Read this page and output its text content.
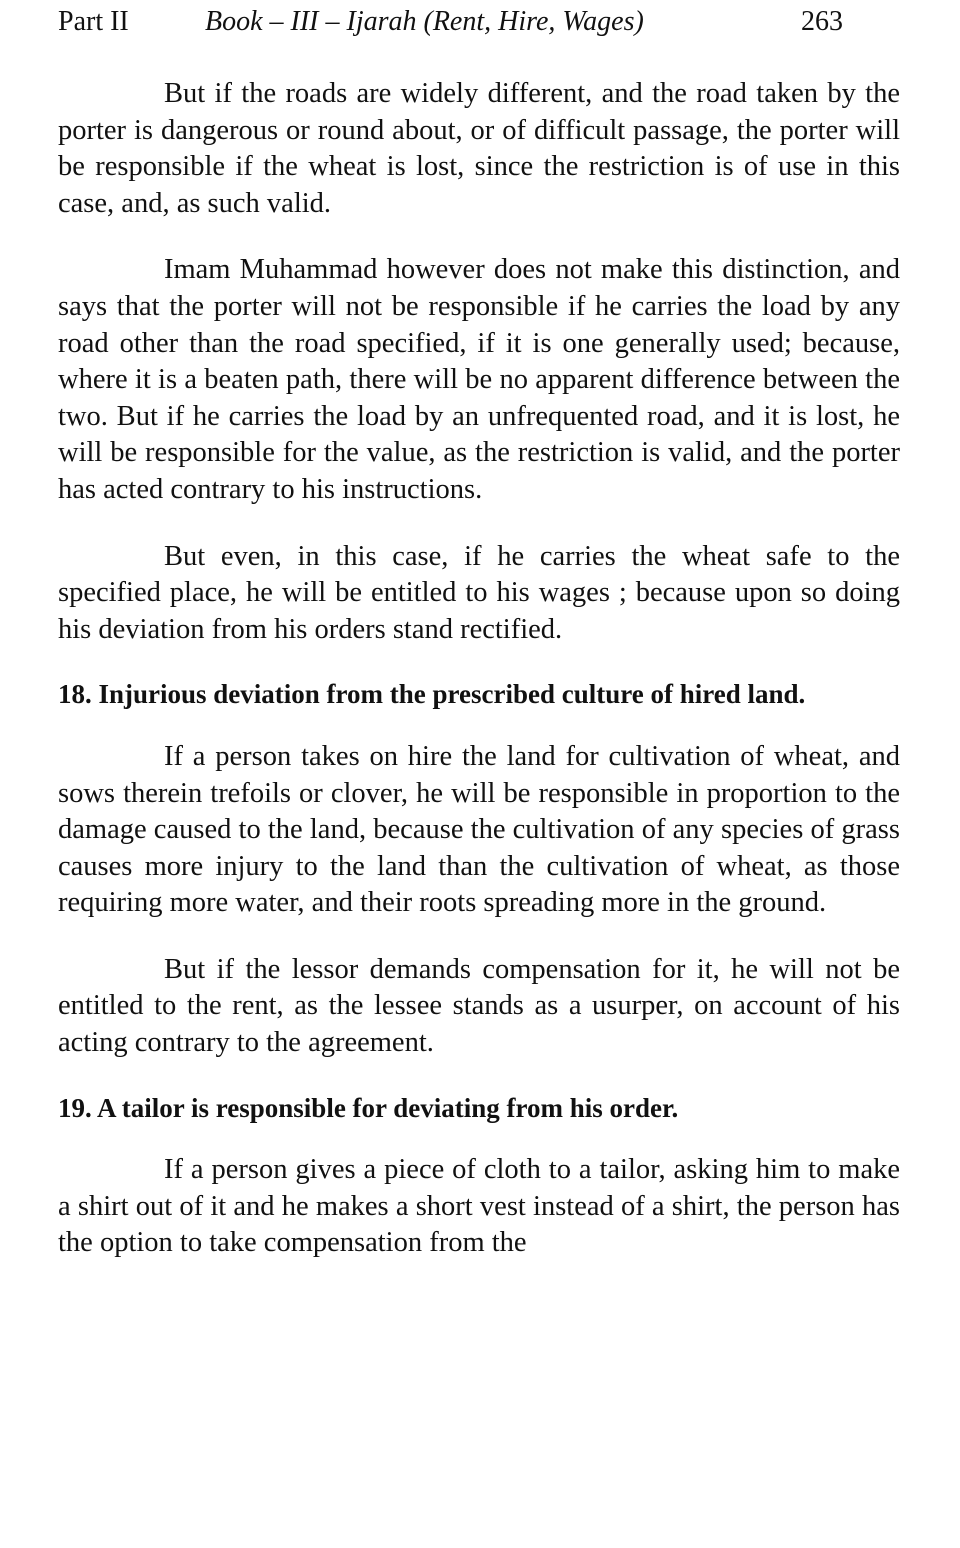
Part II	Book – III – Ijarah (Rent, Hire, Wages)	263

But if the roads are widely different, and the road taken by the porter is dangerous or round about, or of difficult passage, the porter will be responsible if the wheat is lost, since the restriction is of use in this case, and, as such valid.

Imam Muhammad however does not make this distinction, and says that the porter will not be responsible if he carries the load by any road other than the road specified, if it is one generally used; because, where it is a beaten path, there will be no apparent difference between the two. But if he carries the load by an unfrequented road, and it is lost, he will be responsible for the value, as the restriction is valid, and the porter has acted contrary to his instructions.

But even, in this case, if he carries the wheat safe to the specified place, he will be entitled to his wages ; because upon so doing his deviation from his orders stand rectified.

18. Injurious deviation from the prescribed culture of hired land.

If a person takes on hire the land for cultivation of wheat, and sows therein trefoils or clover, he will be responsible in proportion to the damage caused to the land, because the cultivation of any species of grass causes more injury to the land than the cultivation of wheat, as those requiring more water, and their roots spreading more in the ground.

But if the lessor demands compensation for it, he will not be entitled to the rent, as the lessee stands as a usurper, on account of his acting contrary to the agreement.

19. A tailor is responsible for deviating from his order.

If a person gives a piece of cloth to a tailor, asking him to make a shirt out of it and he makes a short vest instead of a shirt, the person has the option to take compensation from the
